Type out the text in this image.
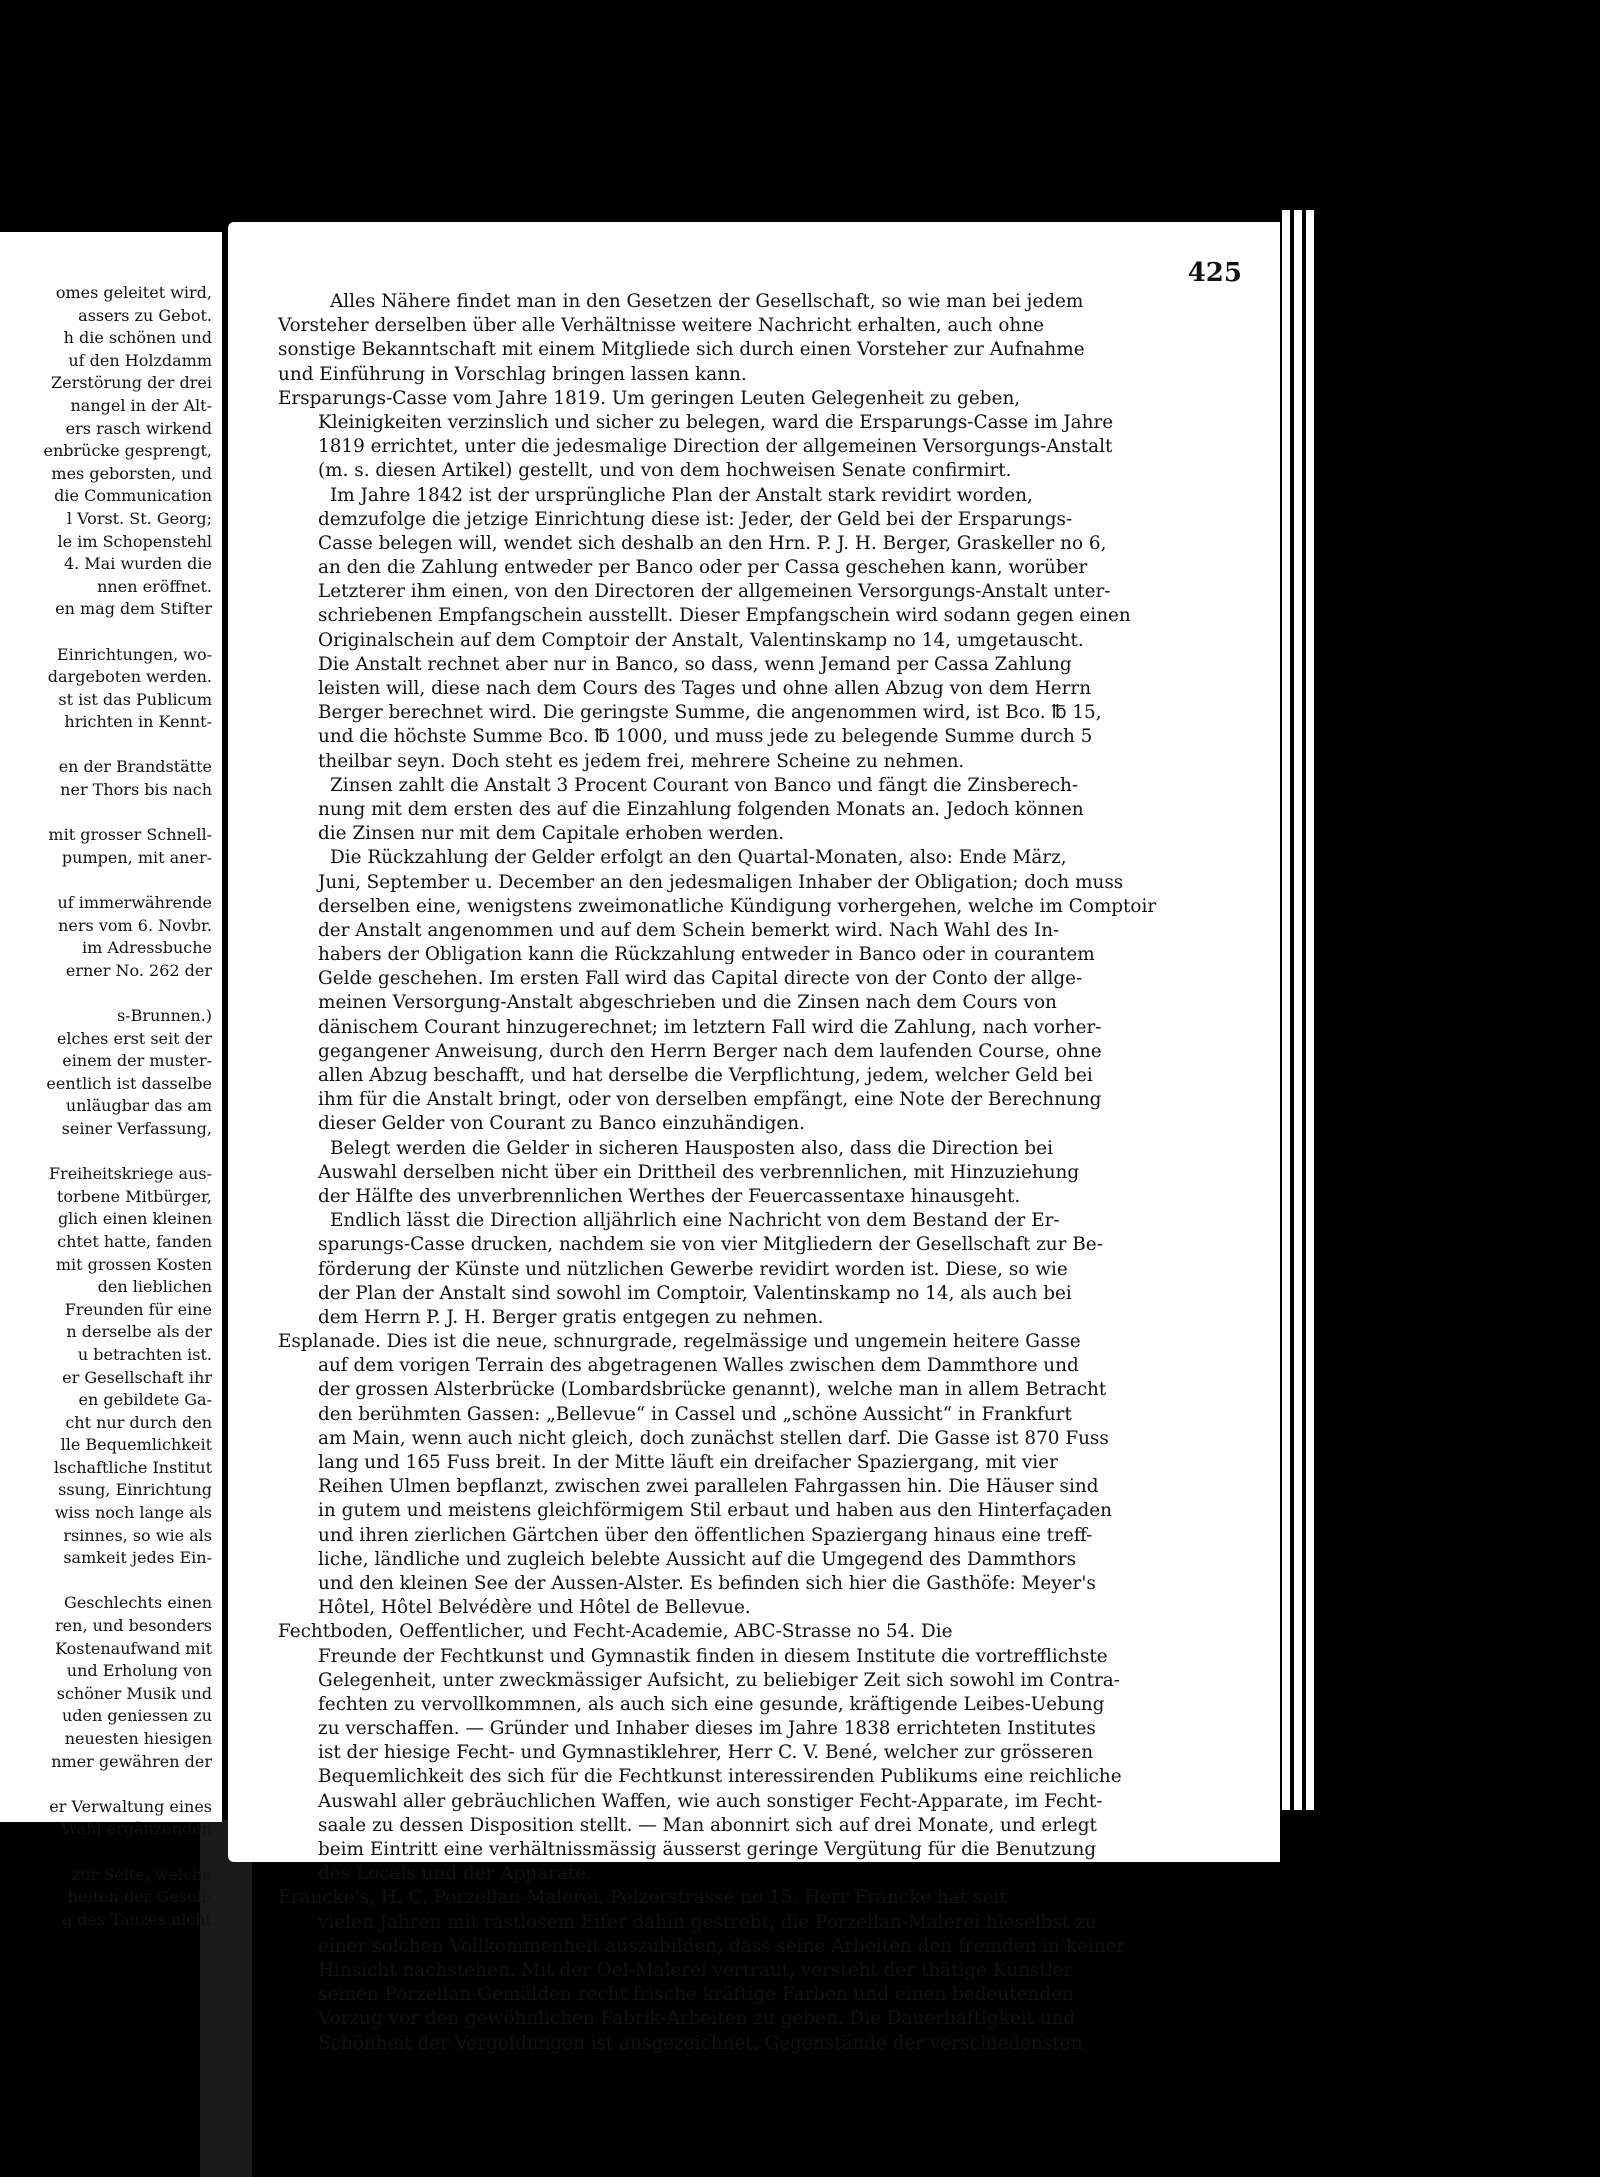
omes geleitet wird,
assers zu Gebot.
h die schönen und
uf den Holzdamm
Zerstörung der drei
nangel in der Alt-
ers rasch wirkend
enbrücke gesprengt,
mes geborsten, und
die Communication
l Vorst. St. Georg;
le im Schopenstehl
4. Mai wurden die
nnen eröffnet.
en mag dem Stifter
Einrichtungen, wo-
dargeboten werden.
st ist das Publicum
hrichten in Kennt-
en der Brandstätte
ner Thors bis nach
mit grosser Schnell-
pumpen, mit aner-
uf immerwährende
ners vom 6. Novbr.
im Adressbuche
erner No. 262 der
s-Brunnen.)
elches erst seit der
einem der muster-
eentlich ist dasselbe
unläugbar das am
seiner Verfassung,
Freiheitskriege aus-
torbene Mitbürger,
glich einen kleinen
chtet hatte, fanden
mit grossen Kosten
den lieblichen
Freunden für eine
n derselbe als der
u betrachten ist.
er Gesellschaft ihr
en gebildete Ga-
cht nur durch den
lle Bequemlichkeit
lschaftliche Institut
ssung, Einrichtung
wiss noch lange als
rsinnes, so wie als
samkeit jedes Ein-
Geschlechts einen
ren, und besonders
Kostenaufwand mit
und Erholung von
schöner Musik und
uden geniessen zu
neuesten hiesigen
nmer gewähren der
er Verwaltung eines
Wahl ergänzenden
zur Seite, welche
heiten der Gesell-
g des Tanzes nicht
425
Alles Nähere findet man in den Gesetzen der Gesellschaft, so wie man bei jedem
Vorsteher derselben über alle Verhältnisse weitere Nachricht erhalten, auch ohne
sonstige Bekanntschaft mit einem Mitgliede sich durch einen Vorsteher zur Aufnahme
und Einführung in Vorschlag bringen lassen kann.
Ersparungs-Casse vom Jahre 1819. Um geringen Leuten Gelegenheit zu geben,
Kleinigkeiten verzinslich und sicher zu belegen, ward die Ersparungs-Casse im Jahre
1819 errichtet, unter die jedesmalige Direction der allgemeinen Versorgungs-Anstalt
(m. s. diesen Artikel) gestellt, und von dem hochweisen Senate confirmirt.
Im Jahre 1842 ist der ursprüngliche Plan der Anstalt stark revidirt worden,
demzufolge die jetzige Einrichtung diese ist: Jeder, der Geld bei der Ersparungs-
Casse belegen will, wendet sich deshalb an den Hrn. P. J. H. Berger, Graskeller no 6,
an den die Zahlung entweder per Banco oder per Cassa geschehen kann, worüber
Letzterer ihm einen, von den Directoren der allgemeinen Versorgungs-Anstalt unter-
schriebenen Empfangschein ausstellt. Dieser Empfangschein wird sodann gegen einen
Originalschein auf dem Comptoir der Anstalt, Valentinskamp no 14, umgetauscht.
Die Anstalt rechnet aber nur in Banco, so dass, wenn Jemand per Cassa Zahlung
leisten will, diese nach dem Cours des Tages und ohne allen Abzug von dem Herrn
Berger berechnet wird. Die geringste Summe, die angenommen wird, ist Bco. ℔ 15,
und die höchste Summe Bco. ℔ 1000, und muss jede zu belegende Summe durch 5
theilbar seyn. Doch steht es jedem frei, mehrere Scheine zu nehmen.
Zinsen zahlt die Anstalt 3 Procent Courant von Banco und fängt die Zinsberech-
nung mit dem ersten des auf die Einzahlung folgenden Monats an. Jedoch können
die Zinsen nur mit dem Capitale erhoben werden.
Die Rückzahlung der Gelder erfolgt an den Quartal-Monaten, also: Ende März,
Juni, September u. December an den jedesmaligen Inhaber der Obligation; doch muss
derselben eine, wenigstens zweimonatliche Kündigung vorhergehen, welche im Comptoir
der Anstalt angenommen und auf dem Schein bemerkt wird. Nach Wahl des In-
habers der Obligation kann die Rückzahlung entweder in Banco oder in courantem
Gelde geschehen. Im ersten Fall wird das Capital directe von der Conto der allge-
meinen Versorgung-Anstalt abgeschrieben und die Zinsen nach dem Cours von
dänischem Courant hinzugerechnet; im letztern Fall wird die Zahlung, nach vorher-
gegangener Anweisung, durch den Herrn Berger nach dem laufenden Course, ohne
allen Abzug beschafft, und hat derselbe die Verpflichtung, jedem, welcher Geld bei
ihm für die Anstalt bringt, oder von derselben empfängt, eine Note der Berechnung
dieser Gelder von Courant zu Banco einzuhändigen.
Belegt werden die Gelder in sicheren Hausposten also, dass die Direction bei
Auswahl derselben nicht über ein Drittheil des verbrennlichen, mit Hinzuziehung
der Hälfte des unverbrennlichen Werthes der Feuercassentaxe hinausgeht.
Endlich lässt die Direction alljährlich eine Nachricht von dem Bestand der Er-
sparungs-Casse drucken, nachdem sie von vier Mitgliedern der Gesellschaft zur Be-
förderung der Künste und nützlichen Gewerbe revidirt worden ist. Diese, so wie
der Plan der Anstalt sind sowohl im Comptoir, Valentinskamp no 14, als auch bei
dem Herrn P. J. H. Berger gratis entgegen zu nehmen.
Esplanade. Dies ist die neue, schnurgrade, regelmässige und ungemein heitere Gasse
auf dem vorigen Terrain des abgetragenen Walles zwischen dem Dammthore und
der grossen Alsterbrücke (Lombardsbrücke genannt), welche man in allem Betracht
den berühmten Gassen: „Bellevue“ in Cassel und „schöne Aussicht“ in Frankfurt
am Main, wenn auch nicht gleich, doch zunächst stellen darf. Die Gasse ist 870 Fuss
lang und 165 Fuss breit. In der Mitte läuft ein dreifacher Spaziergang, mit vier
Reihen Ulmen bepflanzt, zwischen zwei parallelen Fahrgassen hin. Die Häuser sind
in gutem und meistens gleichförmigem Stil erbaut und haben aus den Hinterfaçaden
und ihren zierlichen Gärtchen über den öffentlichen Spaziergang hinaus eine treff-
liche, ländliche und zugleich belebte Aussicht auf die Umgegend des Dammthors
und den kleinen See der Aussen-Alster. Es befinden sich hier die Gasthöfe: Meyer's
Hôtel, Hôtel Belvédère und Hôtel de Bellevue.
Fechtboden, Oeffentlicher, und Fecht-Academie, ABC-Strasse no 54. Die
Freunde der Fechtkunst und Gymnastik finden in diesem Institute die vortrefflichste
Gelegenheit, unter zweckmässiger Aufsicht, zu beliebiger Zeit sich sowohl im Contra-
fechten zu vervollkommnen, als auch sich eine gesunde, kräftigende Leibes-Uebung
zu verschaffen. — Gründer und Inhaber dieses im Jahre 1838 errichteten Institutes
ist der hiesige Fecht- und Gymnastiklehrer, Herr C. V. Bené, welcher zur grösseren
Bequemlichkeit des sich für die Fechtkunst interessirenden Publikums eine reichliche
Auswahl aller gebräuchlichen Waffen, wie auch sonstiger Fecht-Apparate, im Fecht-
saale zu dessen Disposition stellt. — Man abonnirt sich auf drei Monate, und erlegt
beim Eintritt eine verhältnissmässig äusserst geringe Vergütung für die Benutzung
des Locals und der Apparate.
Francke's, H. C, Porzellan-Malerei, Pelzerstrasse no 15. Herr Francke hat seit
vielen Jahren mit rastlosem Eifer dahin gestrebt, die Porzellan-Malerei hieselbst zu
einer solchen Vollkommenheit auszubilden, dass seine Arbeiten den fremden in keiner
Hinsicht nachstehen. Mit der Oel-Malerei vertraut, versteht der thätige Künstler
seinen Porzellan-Gemälden recht frische kräftige Farben und einen bedeutenden
Vorzug vor den gewöhnlichen Fabrik-Arbeiten zu geben. Die Dauerhaftigkeit und
Schönheit der Vergoldungen ist ausgezeichnet. Gegenstände der verschiedensten
